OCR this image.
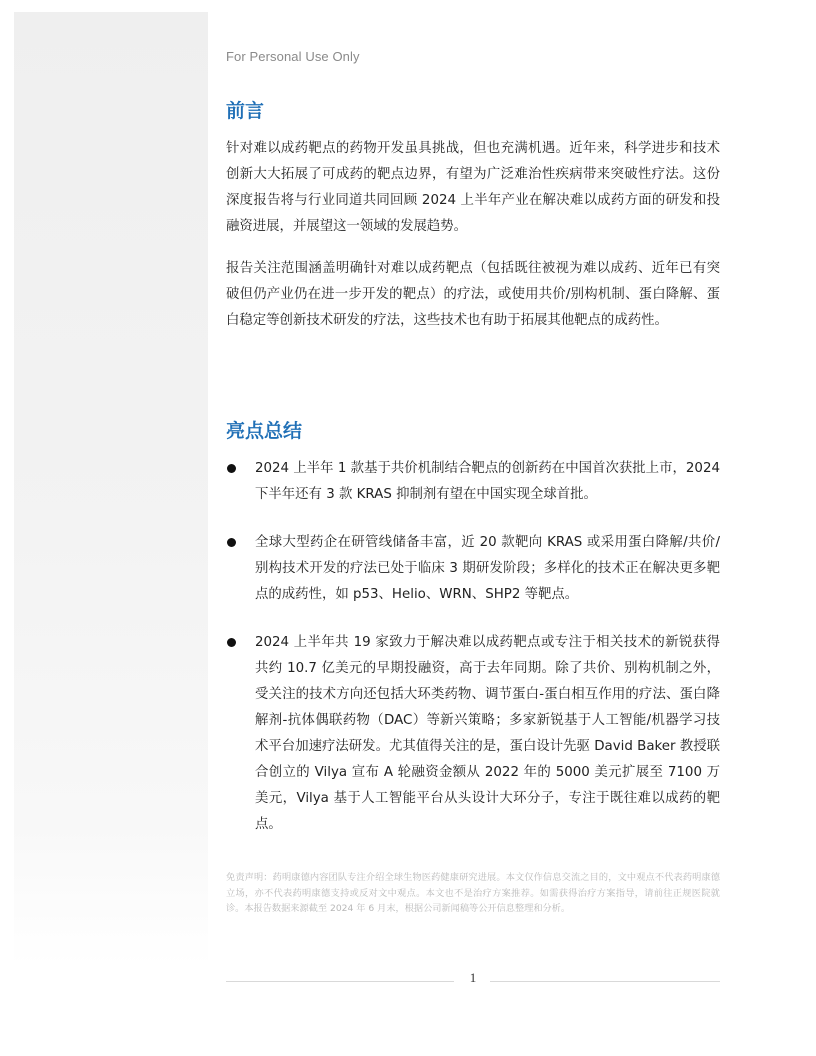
For Personal Use Only
前言

针对难以成药靶点的药物开发虽具挑战，但也充满机遇。近年来，科学进步和技术创新大大拓展了可成药的靶点边界，有望为广泛难治性疾病带来突破性疗法。这份深度报告将与行业同道共同回顾 2024 上半年产业在解决难以成药方面的研发和投融资进展，并展望这一领域的发展趋势。

报告关注范围涵盖明确针对难以成药靶点（包括既往被视为难以成药、近年已有突破但仍产业仍在进一步开发的靶点）的疗法，或使用共价/别构机制、蛋白降解、蛋白稳定等创新技术研发的疗法，这些技术也有助于拓展其他靶点的成药性。

亮点总结
2024 上半年 1 款基于共价机制结合靶点的创新药在中国首次获批上市，2024 下半年还有 3 款 KRAS 抑制剂有望在中国实现全球首批。
全球大型药企在研管线储备丰富，近 20 款靶向 KRAS 或采用蛋白降解/共价/别构技术开发的疗法已处于临床 3 期研发阶段；多样化的技术正在解决更多靶点的成药性，如 p53、Helio、WRN、SHP2 等靶点。
2024 上半年共 19 家致力于解决难以成药靶点或专注于相关技术的新锐获得共约 10.7 亿美元的早期投融资，高于去年同期。除了共价、别构机制之外，受关注的技术方向还包括大环类药物、调节蛋白-蛋白相互作用的疗法、蛋白降解剂-抗体偶联药物（DAC）等新兴策略；多家新锐基于人工智能/机器学习技术平台加速疗法研发。尤其值得关注的是，蛋白设计先驱 David Baker 教授联合创立的 Vilya 宣布 A 轮融资金额从 2022 年的 5000 美元扩展至 7100 万美元，Vilya 基于人工智能平台从头设计大环分子，专注于既往难以成药的靶点。

免责声明：药明康德内容团队专注介绍全球生物医药健康研究进展。本文仅作信息交流之目的，文中观点不代表药明康德立场，亦不代表药明康德支持或反对文中观点。本文也不是治疗方案推荐。如需获得治疗方案指导，请前往正规医院就诊。本报告数据来源截至 2024 年 6 月末，根据公司新闻稿等公开信息整理和分析。

1
